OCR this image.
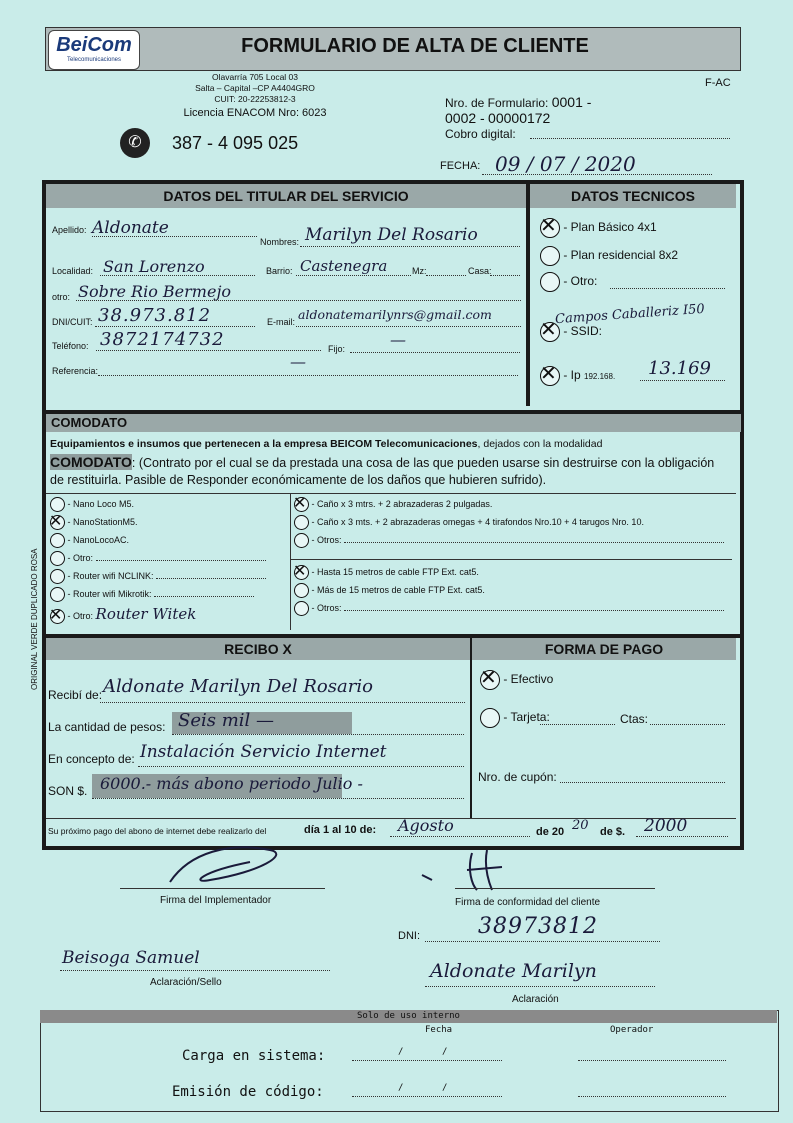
BeiCom
Telecomunicaciones
FORMULARIO DE ALTA DE CLIENTE
Olavarría 705 Local 03
Salta – Capital –CP A4404GRO
CUIT: 20-22253812-3
Licencia ENACOM Nro: 6023
✆	387 - 4 095 025
F-AC
Nro. de Formulario: 0001 -
0002 - 00000172
Cobro digital:
FECHA: 09 / 07 / 2020
DATOS DEL TITULAR DEL SERVICIO	DATOS TECNICOS
Apellido: Aldonate
Nombres: Marilyn Del Rosario
Localidad: San Lorenzo	Barrio: Castenegra	Mz:	Casa:
otro: Sobre Rio Bermejo
DNI/CUIT: 38.973.812	E-mail: aldonatemarilynrs@gmail.com
Teléfono: 3872174732	Fijo:	—
Referencia:	—
✕ - Plan Básico 4x1
- Plan residencial 8x2
- Otro:
✕ - SSID:
Campos Caballeriz I50
✕ - Ip 192.168. 13.169
COMODATO
Equipamientos e insumos que pertenecen a la empresa BEICOM Telecomunicaciones, dejados con la modalidad
COMODATO: (Contrato por el cual se da prestada una cosa de las que pueden usarse sin destruirse con la obligación de restituirla. Pasible de Responder económicamente de los daños que hubieren sufrido).
- Nano Loco M5.
✕ - NanoStationM5.
- NanoLocoAC.
- Otro:
- Router wifi NCLINK:
- Router wifi Mikrotik:
✕ - Otro: Router Witek
✕ - Caño x 3 mtrs. + 2 abrazaderas 2 pulgadas.
- Caño x 3 mts. + 2 abrazaderas omegas + 4 tirafondos Nro.10 + 4 tarugos Nro. 10.
- Otros:
✕ - Hasta 15 metros de cable FTP Ext. cat5.
- Más de 15 metros de cable FTP Ext. cat5.
- Otros:
RECIBO X	FORMA DE PAGO
Recibí de: Aldonate Marilyn Del Rosario
La cantidad de pesos: Seis mil —
En concepto de: Instalación Servicio Internet
SON $. 6000.- más abono periodo Julio -
Su próximo pago del abono de internet debe realizarlo del	día 1 al 10 de: Agosto	de 20 20 de $. 2000
✕ - Efectivo
- Tarjeta:	Ctas:
Nro. de cupón:
Firma del Implementador	Firma de conformidad del cliente
DNI:	38973812
Beisoga Samuel
Aclaración/Sello
Aldonate Marilyn
Aclaración
Solo de uso interno
Fecha	Operador
Carga en sistema:	/	/
Emisión de código:	/	/
ORIGINAL VERDE DUPLICADO ROSA
